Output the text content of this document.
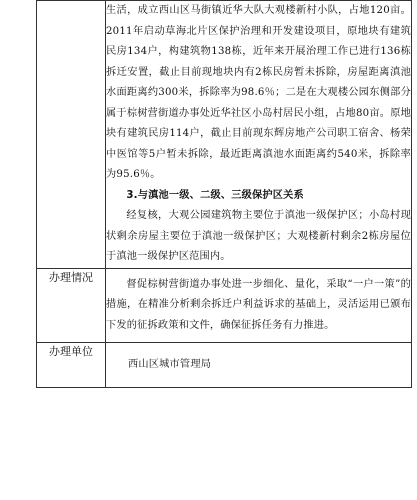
	生活，成立西山区马街镇近华大队大观楼新村小队，占地120亩。2011年启动草海北片区保护治理和开发建设项目，原地块有建筑民房134户，构建筑物138栋，近年来开展治理工作已进行136栋拆迁安置，截止目前现地块内有2栋民房暂未拆除，房屋距离滇池水面距离约300米，拆除率为98.6％；二是在大观楼公园东侧部分属于棕树营街道办事处近华社区小岛村居民小组，占地80亩。原地块有建筑民房114户，截止目前现东辉房地产公司职工宿舍、杨荣中医馆等5户暂未拆除，最近距离滇池水面距离约540米，拆除率为95.6％。

3.与滇池一级、二级、三级保护区关系

经复核，大观公园建筑物主要位于滇池一级保护区；小岛村现状剩余房屋主要位于滇池一级保护区；大观楼新村剩余2栋房屋位于滇池一级保护区范围内。

办理情况	督促棕树营街道办事处进一步细化、量化，采取“一户一策”的措施，在精准分析剩余拆迁户利益诉求的基础上，灵活运用已颁布下发的征拆政策和文件，确保征拆任务有力推进。

办理单位	西山区城市管理局
